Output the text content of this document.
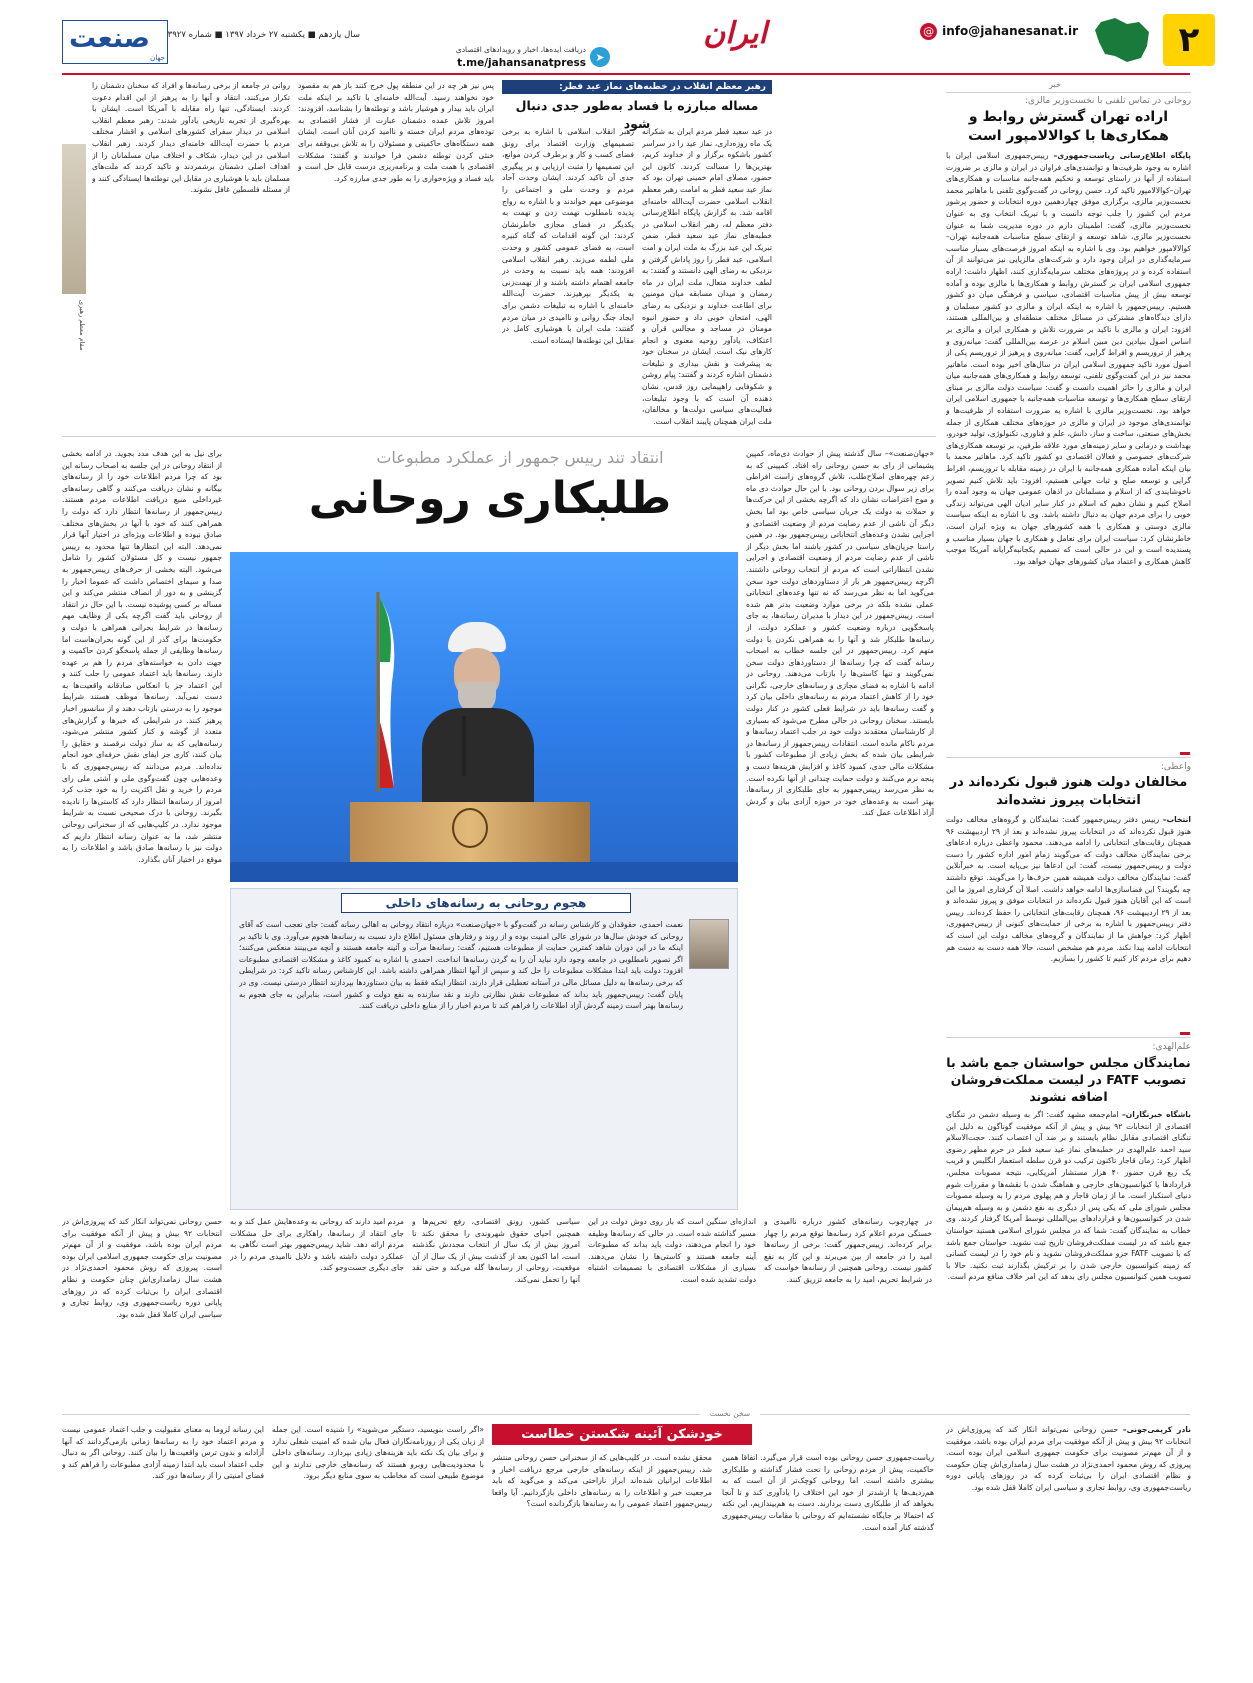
۲
@ info@jahanesanat.ir
ایران
➤
دریافت ایده‌ها، اخبار و رویدادهای اقتصادی
t.me/jahansanatpress
سال یازدهم ■ یکشنبه ۲۷ خرداد ۱۳۹۷ ■ شماره ۳۹۲۷
جهان
صنعت
خبر
روحانی در تماس تلفنی با نخست‌وزیر مالزی:
اراده تهران گسترش روابط و همکاری‌ها با کوالالامپور است
پایگاه اطلاع‌رسانی ریاست‌جمهوری– رییس‌جمهوری اسلامی ایران با اشاره به وجود ظرفیت‌ها و توانمندی‌های فراوان در ایران و مالزی بر ضرورت استفاده از آنها در راستای توسعه و تحکیم همه‌جانبه مناسبات و همکاری‌های تهران–کوالالامپور تاکید کرد. حسن روحانی در گفت‌وگوی تلفنی با ماهاتیر محمد نخست‌وزیر مالزی، برگزاری موفق چهاردهمین دوره انتخابات و حضور پرشور مردم این کشور را جلب توجه دانست و با تبریک انتخاب وی به عنوان نخست‌وزیر مالزی، گفت: اطمینان دارم در دوره مدیریت شما به عنوان نخست‌وزیر مالزی، شاهد توسعه و ارتقای سطح مناسبات همه‌جانبه تهران–کوالالامپور خواهیم بود. وی با اشاره به اینکه امروز فرصت‌های بسیار مناسب سرمایه‌گذاری در ایران وجود دارد و شرکت‌های مالزیایی نیز می‌توانند از آن استفاده کرده و در پروژه‌های مختلف سرمایه‌گذاری کنند، اظهار داشت: اراده جمهوری اسلامی ایران بر گسترش روابط و همکاری‌ها با مالزی بوده و آماده توسعه بیش از پیش مناسبات اقتصادی، سیاسی و فرهنگی میان دو کشور هستیم. رییس‌جمهور با اشاره به اینکه ایران و مالزی دو کشور مسلمان و دارای دیدگاه‌های مشترکی در مسائل مختلف منطقه‌ای و بین‌المللی هستند، افزود: ایران و مالزی با تاکید بر ضرورت تلاش و همکاری ایران و مالزی بر اساس اصول بنیادین دین مبین اسلام در عرصه بین‌المللی گفت: میانه‌روی و پرهیز از تروریسم و افراط گرایی، گفت: میانه‌روی و پرهیز از تروریسم یکی از اصول مورد تاکید جمهوری اسلامی ایران در سال‌های اخیر بوده است. ماهاتیر محمد نیز در این گفت‌وگوی تلفنی، توسعه روابط و همکاری‌های همه‌جانبه میان ایران و مالزی را حائز اهمیت دانست و گفت: سیاست دولت مالزی بر مبنای ارتقای سطح همکاری‌ها و توسعه مناسبات همه‌جانبه با جمهوری اسلامی ایران خواهد بود. نخست‌وزیر مالزی با اشاره به ضرورت استفاده از ظرفیت‌ها و توانمندی‌های موجود در ایران و مالزی در حوزه‌های مختلف همکاری از جمله بخش‌های صنعتی، ساخت و ساز، دانش، علم و فناوری، تکنولوژی، تولید خودرو، بهداشت و درمانی و سایر زمینه‌های مورد علاقه طرفین، بر توسعه همکاری‌های شرکت‌های خصوصی و فعالان اقتصادی دو کشور تاکید کرد. ماهاتیر محمد با بیان اینکه آماده همکاری همه‌جانبه با ایران در زمینه مقابله با تروریسم، افراط گرایی و توسعه صلح و ثبات جهانی هستیم، افزود: باید تلاش کنیم تصویر ناخوشایندی که از اسلام و مسلمانان در اذهان عمومی جهان به وجود آمده را اصلاح کنیم و نشان دهیم که اسلام در کنار سایر ادیان الهی می‌تواند زندگی خوبی را برای مردم جهان به دنبال داشته باشد. وی با اشاره به اینکه سیاست مالزی دوستی و همکاری با همه کشورهای جهان به ویژه ایران است، خاطرنشان کرد: سیاست ایران برای تعامل و همکاری با جهان بسیار مناسب و پسندیده است و این در حالی است که تصمیم یکجانبه‌گرایانه آمریکا موجب کاهش همکاری و اعتماد میان کشورهای جهان خواهد بود.
واعظی:
مخالفان دولت هنوز قبول نکرده‌اند در انتخابات پیروز نشده‌اند
انتخاب– رییس دفتر رییس‌جمهور گفت: نمایندگان و گروه‌های مخالف دولت هنوز قبول نکرده‌اند که در انتخابات پیروز نشده‌اند و بعد از ۲۹ اردیبهشت ۹۶ همچنان رقابت‌های انتخاباتی را ادامه می‌دهند. محمود واعظی درباره ادعاهای برخی نمایندگان مخالف دولت که می‌گویند زمام امور اداره کشور را دست دولت و رییس‌جمهور نیست، گفت: این ادعاها نیز بی‌پایه است. به خبرآنلاین گفت: نمایندگان مخالف دولت همیشه همین حرف‌ها را می‌گویند. توقع داشتند چه بگویند؟ این فضاسازی‌ها ادامه خواهد داشت. اصلا آن گرفتاری امروز ما این است که این آقایان هنوز قبول نکرده‌اند در انتخابات موفق و پیروز نشده‌اند و بعد از ۲۹ اردیبهشت ۹۶، همچنان رقابت‌های انتخاباتی را حفظ کرده‌اند. رییس دفتر رییس‌جمهور با اشاره به برخی از حمایت‌های کنونی از رییس‌جمهوری، اظهار کرد: خواهش ما از نمایندگان و گروه‌های مخالف دولت این است که انتخابات ادامه پیدا نکند. مردم هم مشخص است، حالا همه دست به دست هم دهیم برای مردم کار کنیم تا کشور را بسازیم.
علم‌الهدی:
نمایندگان مجلس حواسشان جمع باشد با تصویب FATF در لیست مملکت‌فروشان اضافه نشوند
باشگاه خبرنگاران– امام‌جمعه مشهد گفت: اگر به وسیله دشمن در تنگنای اقتصادی از انتخابات ۹۲ بیش و پیش از آنکه موفقیت گوناگون به دلیل این تنگنای اقتصادی مقابل نظام بایستند و بر ضد آن اعتصاب کنند. حجت‌الاسلام سید احمد علم‌الهدی در خطبه‌های نماز عید سعید فطر در حرم مطهر رضوی اظهار کرد: زمان قاجار تاکنون ترکیب دو قرن سلطه استعمار انگلیس و قریب یک ربع قرن حضور ۴۰ هزار مستشار آمریکایی، نتیجه مصوبات مجلس، قرارداد‌ها یا کنوانسیون‌های خارجی و هماهنگ شدن با نقشه‌ها و مقررات شوم دنیای استکبار است. ما از زمان قاجار و هم پهلوی مردم را به وسیله مصوبات مجلس شورای ملی که یکی پس از دیگری به نفع دشمن و به وسیله هم‌پیمان شدن در کنوانسیون‌ها و قراردادهای بین‌المللی توسط آمریکا گرفتار کردند. وی خطاب به نمایندگان گفت: شما که در مجلس شورای اسلامی هستید حواستان جمع باشد که در لیست مملکت‌فروشان تاریخ ثبت نشوید. حواستان جمع باشد که با تصویب FATF جزو مملکت‌فروشان نشوید و نام خود را در لیست کسانی که زمینه کنوانسیون خارجی شدن را بر ترکیش بگذارند ثبت نکنید. حالا با تصویب همین کنوانسیون مجلس رای بدهد که این امر خلاف منافع مردم است.
رهبر معظم انقلاب در خطبه‌های نماز عید فطر:
مساله مبارزه با فساد به‌طور جدی دنبال شود
در عید سعید فطر مردم ایران به شکرانه یک ماه روزه‌داری، نماز عید را در سراسر کشور باشکوه برگزار و از خداوند کریم، بهترین‌ها را مسالت کردند. کانون این حضور، مصلای امام خمینی تهران بود که نماز عید سعید فطر به امامت رهبر معظم انقلاب اسلامی حضرت آیت‌الله خامنه‌ای اقامه شد. به گزارش پایگاه اطلاع‌رسانی دفتر معظم له، رهبر انقلاب اسلامی در خطبه‌های نماز عید سعید فطر، ضمن تبریک این عید بزرگ به ملت ایران و امت اسلامی، عید فطر را روز پاداش گرفتن و نزدیکی به رضای الهی دانستند و گفتند: به لطف خداوند متعال، ملت ایران در ماه رمضان و میدان مسابقه میان مومنین برای اطاعت خداوند و نزدیکی به رضای الهی، امتحان خوبی داد و حضور انبوه مومنان در مساجد و مجالس قرآن و اعتکاف، یادآور روحیه معنوی و انجام کارهای نیک است. ایشان در سخنان خود به پیشرفت و نقش بیداری و تبلیغات دشمنان اشاره کردند و گفتند: پیام روشن و شکوفایی راهپیمایی روز قدس، نشان دهنده آن است که با وجود تبلیغات، فعالیت‌های سیاسی دولت‌ها و مخالفان، ملت ایران همچنان پایبند انقلاب است.
رهبر انقلاب اسلامی با اشاره به برخی تصمیمهای وزارت اقتصاد برای رونق فضای کسب و کار و برطرف کردن موانع، این تصمیمها را مثبت ارزیابی و بر پیگیری جدی آن تاکید کردند. ایشان وحدت آحاد مردم و وحدت ملی و اجتماعی را موضوعی مهم خواندند و با اشاره به رواج پدیده نامطلوب تهمت زدن و تهمت به یکدیگر در فضای مجازی خاطرنشان کردند: این گونه اقدامات که گناه کبیره است، به فضای عمومی کشور و وحدت ملی لطمه می‌زند. رهبر انقلاب اسلامی افزودند: همه باید نسبت به وحدت در جامعه اهتمام داشته باشند و از تهمت‌زنی به یکدیگر بپرهیزند. حضرت آیت‌الله خامنه‌ای با اشاره به تبلیغات دشمن برای ایجاد جنگ روانی و ناامیدی در میان مردم گفتند: ملت ایران با هوشیاری کامل در مقابل این توطئه‌ها ایستاده است.
پس نیز هر چه در این منطقه پول خرج کنند باز هم به مقصود خود نخواهند رسید. آیت‌الله خامنه‌ای با تاکید بر اینکه ملت ایران باید بیدار و هوشیار باشد و توطئه‌ها را بشناسد، افزودند: امروز تلاش عمده دشمنان عبارت از فشار اقتصادی به توده‌های مردم ایران خسته و ناامید کردن آنان است. ایشان همه دستگاه‌های حاکمیتی و مسئولان را به تلاش بی‌وقفه برای خنثی کردن توطئه دشمن فرا خواندند و گفتند: مشکلات اقتصادی با همت ملت و برنامه‌ریزی درست قابل حل است و باید فساد و ویژه‌خواری را به طور جدی مبارزه کرد.
روانی در جامعه از برخی رسانه‌ها و افراد که سخنان دشمنان را تکرار می‌کنند، انتقاد و آنها را به پرهیز از این اقدام دعوت کردند. ایستادگی، تنها راه مقابله با آمریکا است. ایشان با بهره‌گیری از تجربه تاریخی یادآور شدند: رهبر معظم انقلاب اسلامی در دیدار سفرای کشورهای اسلامی و اقشار مختلف مردم با حضرت آیت‌الله خامنه‌ای دیدار کردند. رهبر انقلاب اسلامی در این دیدار، شکاف و اختلاف میان مسلمانان را از اهداف اصلی دشمنان برشمردند و تاکید کردند که ملت‌های مسلمان باید با هوشیاری در مقابل این توطئه‌ها ایستادگی کنند و از مسئله فلسطین غافل نشوند.
مقام معظم رهبری
انتقاد تند رییس جمهور از عملکرد مطبوعات
طلبکاری روحانی
«جهان‌صنعت»– سال گذشته پیش از حوادث دی‌ماه، کمپین پشیمانی از رای به حسن روحانی راه افتاد. کمپینی که به زعم چهره‌های اصلاح‌طلب، تلاش گروه‌های راست افراطی برای زیر سوال بردن روحانی بود. با این حال حوادث دی ماه و موج اعتراضات نشان داد که اگرچه بخشی از این حرکت‌ها و حملات به دولت یک جریان سیاسی خاص بود اما بخش دیگر آن ناشی از عدم رضایت مردم از وضعیت اقتصادی و اجرایی نشدن وعده‌های انتخاباتی رییس‌جمهور بود. در همین راستا جریان‌های سیاسی در کشور باشند اما بخش دیگر از ناشی از عدم رضایت مردم از وضعیت اقتصادی و اجرایی نشدن انتظاراتی است که مردم از انتخاب روحانی داشتند. اگرچه رییس‌جمهور هر بار از دستاوردهای دولت خود سخن می‌گوید اما به نظر می‌رسد که نه تنها وعده‌های انتخاباتی عملی نشده بلکه در برخی موارد وضعیت بدتر هم شده است. رییس‌جمهور در این دیدار با مدیران رسانه‌ها، به جای پاسخگویی درباره وضعیت کشور و عملکرد دولت، از رسانه‌ها طلبکار شد و آنها را به همراهی نکردن با دولت متهم کرد. رییس‌جمهور در این جلسه خطاب به اصحاب رسانه گفت که چرا رسانه‌ها از دستاوردهای دولت سخن نمی‌گویند و تنها کاستی‌ها را بازتاب می‌دهند. روحانی در ادامه با اشاره به فضای مجازی و رسانه‌های خارجی، نگرانی خود را از کاهش اعتماد مردم به رسانه‌های داخلی بیان کرد و گفت رسانه‌ها باید در شرایط فعلی کشور در کنار دولت بایستند. سخنان روحانی در حالی مطرح می‌شود که بسیاری از کارشناسان معتقدند دولت خود در جلب اعتماد رسانه‌ها و مردم ناکام مانده است. انتقادات رییس‌جمهور از رسانه‌ها در شرایطی بیان شده که بخش زیادی از مطبوعات کشور با مشکلات مالی جدی، کمبود کاغذ و افزایش هزینه‌ها دست و پنجه نرم می‌کنند و دولت حمایت چندانی از آنها نکرده است. به نظر می‌رسد رییس‌جمهور به جای طلبکاری از رسانه‌ها، بهتر است به وعده‌های خود در حوزه آزادی بیان و گردش آزاد اطلاعات عمل کند.
برای نیل به این هدف مدد بجوید. در ادامه بخشی از انتقاد روحانی در این جلسه به اصحاب رسانه این بود که چرا مردم اطلاعات خود را از رسانه‌های بیگانه و نشان دریافت می‌کنند و گاهی رسانه‌های غیرداخلی منبع دریافت اطلاعات مردم هستند. رییس‌جمهور از رسانه‌ها انتظار دارد که دولت را همراهی کنند که خود با آنها در بخش‌های مختلف صادق نبوده و اطلاعات ویژه‌ای در اختیار آنها قرار نمی‌دهد. البته این انتظارها تنها محدود به رییس جمهور نیست و کل مسئولان کشور را شامل می‌شود. البته بخشی از حرف‌های رییس‌جمهور به صدا و سیمای اختصاص داشت که عموما اخبار را گزینشی و به دور از انصاف منتشر می‌کند و این مساله بر کسی پوشیده نیست. با این حال در انتقاد از روحانی باید گفت اگرچه یکی از وظایف مهم رسانه‌ها در شرایط بحرانی همراهی با دولت و حکومت‌ها برای گذر از این گونه بحران‌هاست اما رسانه‌ها وظایفی از جمله پاسخگو کردن حاکمیت و جهت دادن به خواسته‌های مردم را هم بر عهده دارند. رسانه‌ها باید اعتماد عمومی را جلب کنند و این اعتماد جز با انعکاس صادقانه واقعیت‌ها به دست نمی‌آید. رسانه‌ها موظف هستند شرایط موجود را به درستی بازتاب دهند و از سانسور اخبار پرهیز کنند. در شرایطی که خبرها و گزارش‌های متعدد از گوشه و کنار کشور منتشر می‌شود، رسانه‌هایی که به ساز دولت نرقصند و حقایق را بیان کنند، کاری جز ایفای نقش حرفه‌ای خود انجام نداده‌اند. مردم می‌دانند که رییس‌جمهوری که با وعده‌هایی چون گفت‌وگوی ملی و آشتی ملی رای مردم را خرید و نقل اکثریت را به خود جذب کرد امروز از رسانه‌ها انتظار دارد که کاستی‌ها را نادیده بگیرند. روحانی با درک صحیحی نسبت به شرایط موجود ندارد. در کلیپ‌هایی که از سخنرانی روحانی منتشر شد، ما به عنوان رسانه انتظار داریم که دولت نیز با رسانه‌ها صادق باشد و اطلاعات را به موقع در اختیار آنان بگذارد.
هجوم روحانی به رسانه‌های داخلی
نعمت احمدی، حقوقدان و کارشناس رسانه در گفت‌وگو با «جهان‌صنعت» درباره انتقاد روحانی به اهالی رسانه گفت: جای تعجب است که آقای روحانی که خودش سال‌ها در شورای عالی امنیت بوده و از روند و رفتارهای مسئول اطلاع دارد نسبت به رسانه‌ها هجوم می‌آورد. وی با تاکید بر اینکه ما در این دوران شاهد کمترین حمایت از مطبوعات هستیم، گفت: رسانه‌ها مرآت و آئینه جامعه هستند و آنچه می‌بینند منعکس می‌کنند؛ اگر تصویر نامطلوبی در جامعه وجود دارد نباید آن را به گردن رسانه‌ها انداخت. احمدی با اشاره به کمبود کاغذ و مشکلات اقتصادی مطبوعات افزود: دولت باید ابتدا مشکلات مطبوعات را حل کند و سپس از آنها انتظار همراهی داشته باشد. این کارشناس رسانه تاکید کرد: در شرایطی که برخی رسانه‌ها به دلیل مسائل مالی در آستانه تعطیلی قرار دارند، انتظار اینکه فقط به بیان دستاوردها بپردازند انتظار درستی نیست. وی در پایان گفت: رییس‌جمهور باید بداند که مطبوعات نقش نظارتی دارند و نقد سازنده به نفع دولت و کشور است، بنابراین به جای هجوم به رسانه‌ها بهتر است زمینه گردش آزاد اطلاعات را فراهم کند تا مردم اخبار را از منابع داخلی دریافت کنند.
در چهارچوب رسانه‌های کشور درباره ناامیدی و خستگی مردم اعلام کرد رسانه‌ها توقع مردم را چهار برابر کرده‌اند. رییس‌جمهور گفت: برخی از رسانه‌ها امید را در جامعه از بین می‌برند و این کار به نفع کشور نیست. روحانی همچنین از رسانه‌ها خواست که در شرایط تحریم، امید را به جامعه تزریق کنند.
اندازه‌ای سنگین است که بار روی دوش دولت در این مسیر گذاشته شده است. در حالی که رسانه‌ها وظیفه خود را انجام می‌دهند، دولت باید بداند که مطبوعات آینه جامعه هستند و کاستی‌ها را نشان می‌دهند. بسیاری از مشکلات اقتصادی با تصمیمات اشتباه دولت تشدید شده است.
سیاسی کشور، رونق اقتصادی، رفع تحریم‌ها و همچنین احیای حقوق شهروندی را محقق نکند تا امروز بیش از یک سال از انتخاب مجددش نگذشته است، اما اکنون بعد از گذشت بیش از یک سال از آن موقعیت، روحانی از رسانه‌ها گله می‌کند و حتی نقد آنها را تحمل نمی‌کند.
مردم امید دارند که روحانی به وعده‌هایش عمل کند و به جای انتقاد از رسانه‌ها، راهکاری برای حل مشکلات مردم ارائه دهد. شاید رییس‌جمهور بهتر است نگاهی به عملکرد دولت داشته باشد و دلایل ناامیدی مردم را در جای دیگری جست‌وجو کند.
حسن روحانی نمی‌تواند انکار کند که پیروزی‌اش در انتخابات ۹۲ بیش و پیش از آنکه موفقیت برای مردم ایران بوده باشد، موفقیت و از آن مهم‌تر مصونیت برای حکومت جمهوری اسلامی ایران بوده است. پیروزی که روش محمود احمدی‌نژاد در هشت سال زمامداری‌اش چنان حکومت و نظام اقتصادی ایران را بی‌ثبات کرده که در روزهای پایانی دوره ریاست‌جمهوری وی، روابط تجاری و سیاسی ایران کاملا قفل شده بود.
سخن نخست
نادر کریمی‌جونی– حسن روحانی نمی‌تواند انکار کند که پیروزی‌اش در انتخابات ۹۲ بیش و پیش از آنکه موفقیت برای مردم ایران بوده باشد، موفقیت و از آن مهم‌تر مصونیت برای حکومت جمهوری اسلامی ایران بوده است. پیروزی که روش محمود احمدی‌نژاد در هشت سال زمامداری‌اش چنان حکومت و نظام اقتصادی ایران را بی‌ثبات کرده که در روزهای پایانی دوره ریاست‌جمهوری وی، روابط تجاری و سیاسی ایران کاملا قفل شده بود.
خودشکن آئینه شکستن خطاست
ریاست‌جمهوری حسن روحانی بوده است قرار می‌گیرد. اتفاقا همین حاکمیت، پیش از مردم روحانی را تحت فشار گذاشته و طلبکاری بیشتری داشته است. اما روحانی کوچک‌تر از آن است که به هم‌ردیف‌ها یا ارشدتر از خود این اختلاف را یادآوری کند و تا آنجا بخواهد که از طلبکاری دست بردارند. دست به هم‌بیندازیم، این نکته که احتمالا بر جایگاه نشسته‌ایم که روحانی با مقامات رییس‌جمهوری گذشته کنار آمده است.
محقق نشده است. در کلیپ‌هایی که از سخنرانی حسن روحانی منتشر شد، رییس‌جمهور از اینکه رسانه‌های خارجی مرجع دریافت اخبار و اطلاعات ایرانیان شده‌اند ابراز ناراحتی می‌کند و می‌گوید که باید مرجعیت خبر و اطلاعات را به رسانه‌های داخلی بازگردانیم. آیا واقعا رییس‌جمهور اعتماد عمومی را به رسانه‌ها بازگردانده است؟
«اگر راست بنویسید، دستگیر می‌شوید» را شنیده است. این جمله از زبان یکی از روزنامه‌نگاران فعال بیان شده که امنیت شغلی ندارد و برای بیان یک نکته باید هزینه‌های زیادی بپردازد. رسانه‌های داخلی با محدودیت‌هایی روبرو هستند که رسانه‌های خارجی ندارند و این موضوع طبیعی است که مخاطب به سوی منابع دیگر برود.
این رسانه لزوما به معنای مقبولیت و جلب اعتماد عمومی نیست و مردم اعتماد خود را به رسانه‌ها زمانی بازمی‌گردانند که آنها آزادانه و بدون ترس واقعیت‌ها را بیان کنند. روحانی اگر به دنبال جلب اعتماد است باید ابتدا زمینه آزادی مطبوعات را فراهم کند و فضای امنیتی را از رسانه‌ها دور کند.
